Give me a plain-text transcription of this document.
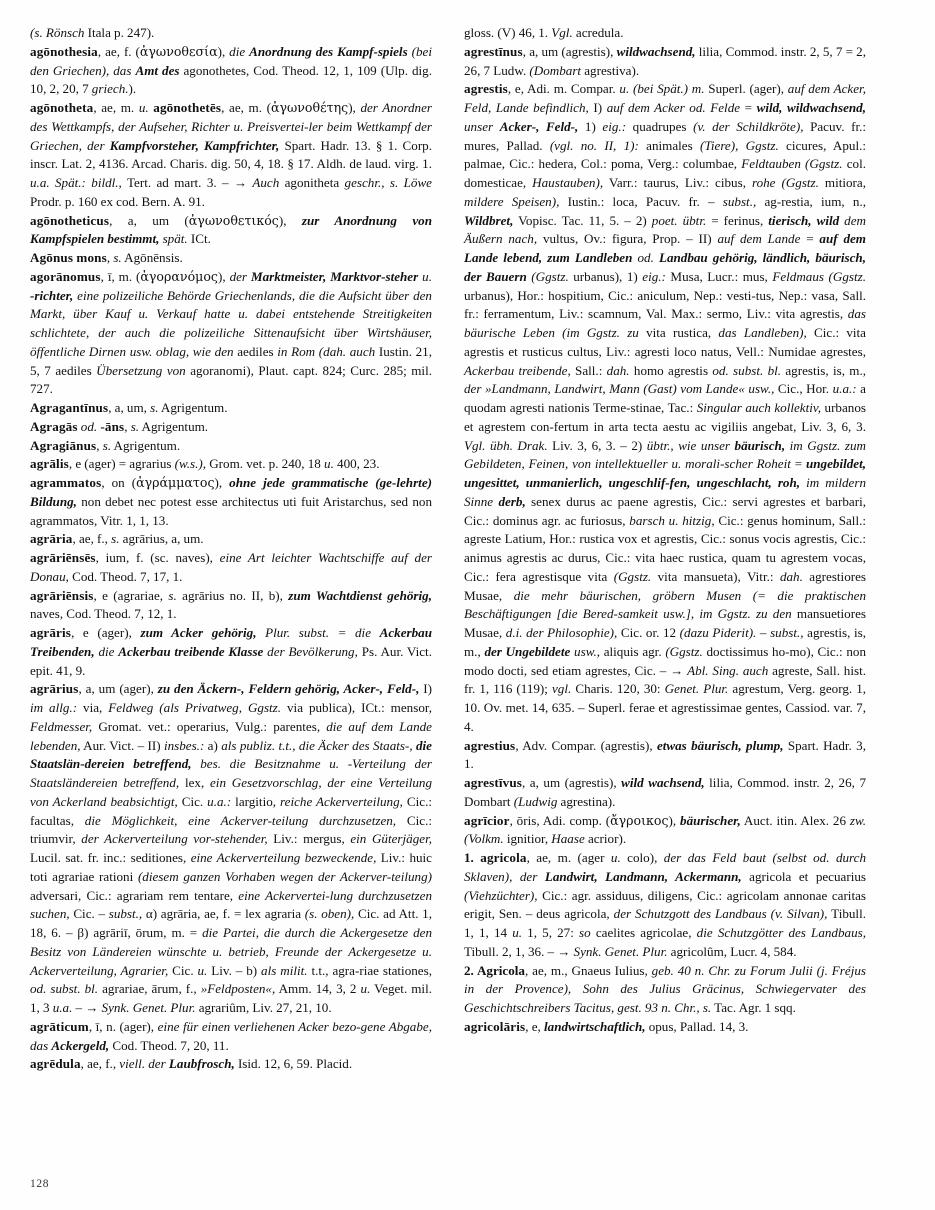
(s. Rönsch Itala p. 247).

agōnothesia, ae, f. (ἀγωνοθεσία), die Anordnung des Kampf-spiels (bei den Griechen), das Amt des agonothetes, Cod. Theod. 12, 1, 109 (Ulp. dig. 10, 2, 20, 7 griech.).

agōnotheta, ae, m. u. agōnothetēs, ae, m. (ἀγωνοθέτης), der Anordner des Wettkampfs, der Aufseher, Richter u. Preisvertei-ler beim Wettkampf der Griechen, der Kampfvorsteher, Kampfrichter, Spart. Hadr. 13. § 1. Corp. inscr. Lat. 2, 4136. Arcad. Charis. dig. 50, 4, 18. § 17. Aldh. de laud. virg. 1. u.a. Spät.: bildl., Tert. ad mart. 3. – → Auch agonitheta geschr., s. Löwe Prodr. p. 160 ex cod. Bern. A. 91.

agōnotheticus, a, um (ἀγωνοθετικός), zur Anordnung von Kampfspielen bestimmt, spät. ICt.

Agōnus mons, s. Agōnēnsis.

agorānomus, ī, m. (ἀγορανόμος), der Marktmeister, Marktvor-steher u. -richter, eine polizeiliche Behörde Griechenlands, die die Aufsicht über den Markt, über Kauf u. Verkauf hatte u. dabei entstehende Streitigkeiten schlichtete, der auch die polizeiliche Sittenaufsicht über Wirtshäuser, öffentliche Dirnen usw. oblag, wie den aediles in Rom (dah. auch Iustin. 21, 5, 7 aediles Übersetzung von agoranomi), Plaut. capt. 824; Curc. 285; mil. 727.

Agragantīnus, a, um, s. Agrigentum.

Agragās od. -āns, s. Agrigentum.

Agragiānus, s. Agrigentum.

agrālis, e (ager) = agrarius (w.s.), Grom. vet. p. 240, 18 u. 400, 23.

agrammatos, on (ἀγράμματος), ohne jede grammatische (ge-lehrte) Bildung, non debet nec potest esse architectus uti fuit Aristarchus, sed non agrammatos, Vitr. 1, 1, 13.

agrāria, ae, f., s. agrārius, a, um.

agrāriēnsēs, ium, f. (sc. naves), eine Art leichter Wachtschiffe auf der Donau, Cod. Theod. 7, 17, 1.

agrāriēnsis, e (agrariae, s. agrārius no. II, b), zum Wachtdienst gehörig, naves, Cod. Theod. 7, 12, 1.

agrāris, e (ager), zum Acker gehörig, Plur. subst. = die Ackerbau Treibenden, die Ackerbau treibende Klasse der Bevölkerung, Ps. Aur. Vict. epit. 41, 9.

agrārius, a, um (ager), zu den Äckern-, Feldern gehörig, Acker-, Feld-, I) im allg.: via, Feldweg (als Privatweg, Ggstz. via publica), ICt.: mensor, Feldmesser, Gromat. vet.: operarius, Vulg.: parentes, die auf dem Lande lebenden, Aur. Vict. – II) insbes.: a) als publiz. t.t., die Äcker des Staats-, die Staatslän-dereien betreffend, bes. die Besitznahme u. -Verteilung der Staatsländereien betreffend, lex, ein Gesetzvorschlag, der eine Verteilung von Ackerland beabsichtigt, Cic. u.a.: largitio, reiche Ackerverteilung, Cic.: facultas, die Möglichkeit, eine Ackerver-teilung durchzusetzen, Cic.: triumvir, der Ackerverteilung vor-stehender, Liv.: mergus, ein Güterjäger, Lucil. sat. fr. inc.: seditiones, eine Ackerverteilung bezweckende, Liv.: huic toti agrariae rationi (diesem ganzen Vorhaben wegen der Ackerver-teilung) adversari, Cic.: agrariam rem tentare, eine Ackervertei-lung durchzusetzen suchen, Cic. – subst., α) agrāria, ae, f. = lex agraria (s. oben), Cic. ad Att. 1, 18, 6. – β) agrāriī, ōrum, m. = die Partei, die durch die Ackergesetze den Besitz von Ländereien wünschte u. betrieb, Freunde der Ackergesetze u. Ackerverteilung, Agrarier, Cic. u. Liv. – b) als milit. t.t., agra-riae stationes, od. subst. bl. agrariae, ārum, f., »Feldposten«, Amm. 14, 3, 2 u. Veget. mil. 1, 3 u.a. – → Synk. Genet. Plur. agrariûm, Liv. 27, 21, 10.

agrāticum, ī, n. (ager), eine für einen verliehenen Acker bezo-gene Abgabe, das Ackergeld, Cod. Theod. 7, 20, 11.

agrēdula, ae, f., viell. der Laubfrosch, Isid. 12, 6, 59. Placid.

gloss. (V) 46, 1. Vgl. acredula.

agrestīnus, a, um (agrestis), wildwachsend, lilia, Commod. instr. 2, 5, 7 = 2, 26, 7 Ludw. (Dombart agrestiva).

agrestis, e, Adi. m. Compar. u. (bei Spät.) m. Superl. (ager), auf dem Acker, Feld, Lande befindlich, I) auf dem Acker od. Felde = wild, wildwachsend, unser Acker-, Feld-, 1) eig.: quadrupes (v. der Schildkröte), Pacuv. fr.: mures, Pallad. (vgl. no. II, 1): animales (Tiere), Ggstz. cicures, Apul.: palmae, Cic.: hedera, Col.: poma, Verg.: columbae, Feldtauben (Ggstz. col. domesticae, Haustauben), Varr.: taurus, Liv.: cibus, rohe (Ggstz. mitiora, mildere Speisen), Iustin.: loca, Pacuv. fr. – subst., ag-restia, ium, n., Wildbret, Vopisc. Tac. 11, 5. – 2) poet. übtr. = ferinus, tierisch, wild dem Äußern nach, vultus, Ov.: figura, Prop. – II) auf dem Lande = auf dem Lande lebend, zum Landleben od. Landbau gehörig, ländlich, bäurisch, der Bauern (Ggstz. urbanus), 1) eig.: Musa, Lucr.: mus, Feldmaus (Ggstz. urbanus), Hor.: hospitium, Cic.: aniculum, Nep.: vesti-tus, Nep.: vasa, Sall. fr.: ferramentum, Liv.: scamnum, Val. Max.: sermo, Liv.: vita agrestis, das bäurische Leben (im Ggstz. zu vita rustica, das Landleben), Cic.: vita agrestis et rusticus cultus, Liv.: agresti loco natus, Vell.: Numidae agrestes, Ackerbau treibende, Sall.: dah. homo agrestis od. subst. bl. agrestis, is, m., der »Landmann, Landwirt, Mann (Gast) vom Lande« usw., Cic., Hor. u.a.: a quodam agresti nationis Terme-stinae, Tac.: Singular auch kollektiv, urbanos et agrestem con-fertum in arta tecta aestu ac vigiliis angebat, Liv. 3, 6, 3. Vgl. übh. Drak. Liv. 3, 6, 3. – 2) übtr., wie unser bäurisch, im Ggstz. zum Gebildeten, Feinen, von intellektueller u. morali-scher Roheit = ungebildet, ungesittet, unmanierlich, ungeschlif-fen, ungeschlacht, roh, im mildern Sinne derb, senex durus ac paene agrestis, Cic.: servi agrestes et barbari, Cic.: dominus agr. ac furiosus, barsch u. hitzig, Cic.: genus hominum, Sall.: agreste Latium, Hor.: rustica vox et agrestis, Cic.: sonus vocis agrestis, Cic.: animus agrestis ac durus, Cic.: vita haec rustica, quam tu agrestem vocas, Cic.: fera agrestisque vita (Ggstz. vita mansueta), Vitr.: dah. agrestiores Musae, die mehr bäurischen, gröbern Musen (= die praktischen Beschäftigungen [die Bered-samkeit usw.], im Ggstz. zu den mansuetiores Musae, d.i. der Philosophie), Cic. or. 12 (dazu Piderit). – subst., agrestis, is, m., der Ungebildete usw., aliquis agr. (Ggstz. doctissimus ho-mo), Cic.: non modo docti, sed etiam agrestes, Cic. – → Abl. Sing. auch agreste, Sall. hist. fr. 1, 116 (119); vgl. Charis. 120, 30: Genet. Plur. agrestum, Verg. georg. 1, 10. Ov. met. 14, 635. – Superl. ferae et agrestissimae gentes, Cassiod. var. 7, 4.

agrestius, Adv. Compar. (agrestis), etwas bäurisch, plump, Spart. Hadr. 3, 1.

agrestīvus, a, um (agrestis), wild wachsend, lilia, Commod. instr. 2, 26, 7 Dombart (Ludwig agrestina).

agrīcior, ōris, Adi. comp. (ἄγροικος), bäurischer, Auct. itin. Alex. 26 zw. (Volkm. ignitior, Haase acrior).

1. agricola, ae, m. (ager u. colo), der das Feld baut (selbst od. durch Sklaven), der Landwirt, Landmann, Ackermann, agricola et pecuarius (Viehzüchter), Cic.: agr. assiduus, diligens, Cic.: agricolam annonae caritas erigit, Sen. – deus agricola, der Schutzgott des Landbaus (v. Silvan), Tibull. 1, 1, 14 u. 1, 5, 27: so caelites agricolae, die Schutzgötter des Landbaus, Tibull. 2, 1, 36. – → Synk. Genet. Plur. agricolûm, Lucr. 4, 584.

2. Agricola, ae, m., Gnaeus Iulius, geb. 40 n. Chr. zu Forum Julii (j. Fréjus in der Provence), Sohn des Julius Gräcinus, Schwiegervater des Geschichtschreibers Tacitus, gest. 93 n. Chr., s. Tac. Agr. 1 sqq.

agricolāris, e, landwirtschaftlich, opus, Pallad. 14, 3.

128
